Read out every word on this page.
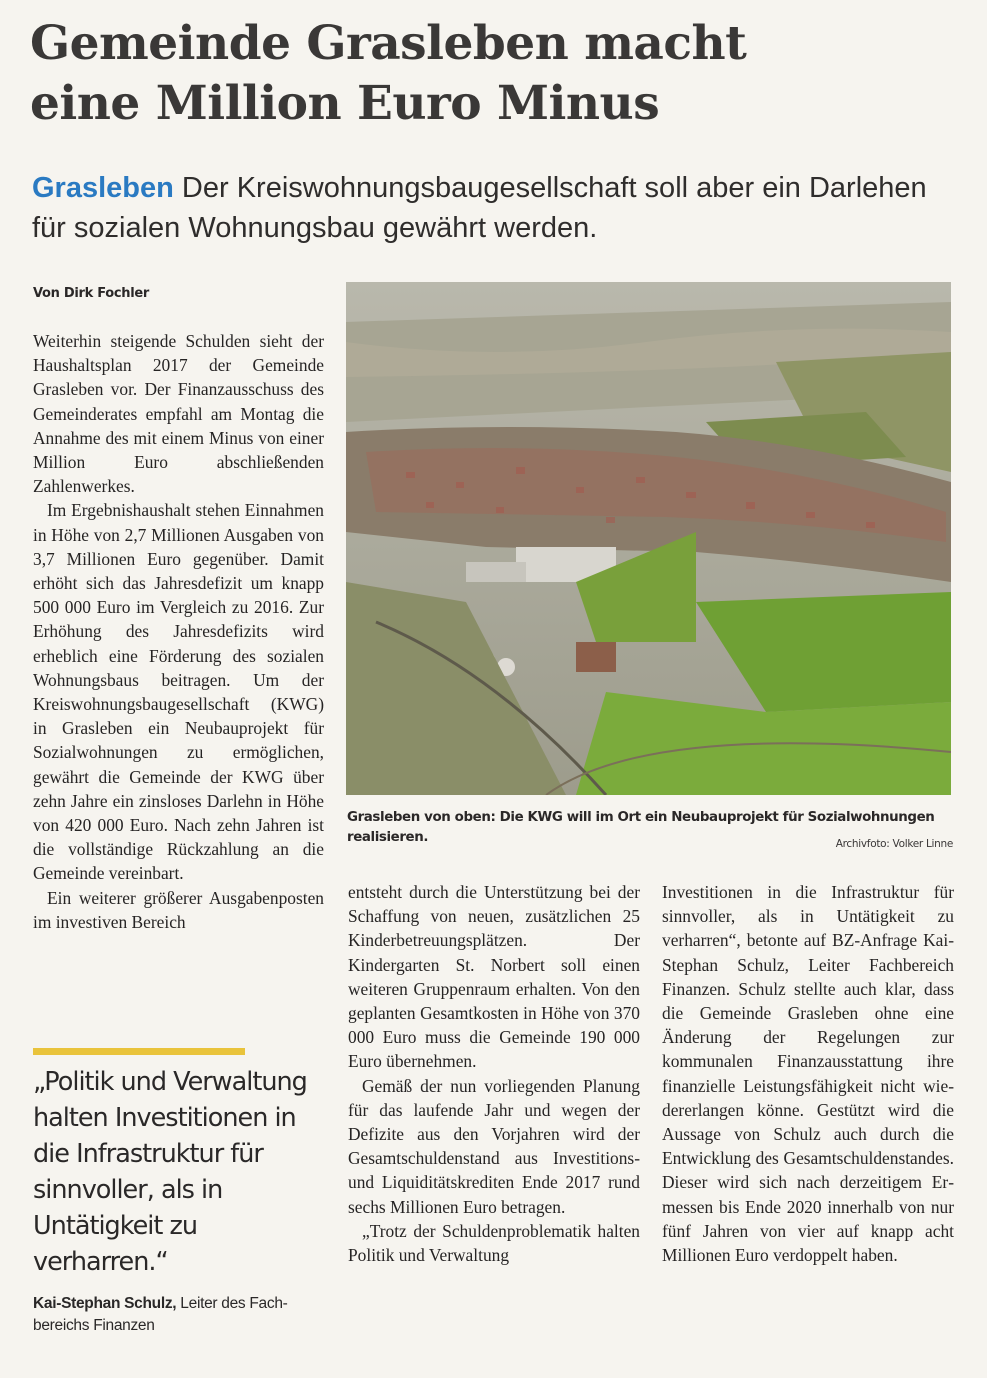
Gemeinde Grasleben macht
eine Million Euro Minus

Grasleben Der Kreiswohnungsbaugesellschaft soll aber ein Darlehen für sozialen Wohnungsbau gewährt werden.

Von Dirk Fochler

Weiterhin steigende Schulden sieht der Haushaltsplan 2017 der Gemeinde Grasleben vor. Der Finanzausschuss des Gemeinderates empfahl am Montag die Annahme des mit einem Minus von einer Million Euro abschließenden Zahlenwerkes.

Im Ergebnishaushalt stehen Einnahmen in Höhe von 2,7 Millionen Ausgaben von 3,7 Millionen Euro gegenüber. Damit erhöht sich das Jahresdefizit um knapp 500 000 Euro im Vergleich zu 2016. Zur Erhöhung des Jahresdefizits wird erheblich eine Förderung des sozialen Wohnungsbaus beitragen. Um der Kreiswohnungsbaugesellschaft (KWG) in Grasleben ein Neubauprojekt für Sozialwohnungen zu ermöglichen, gewährt die Gemeinde der KWG über zehn Jahre ein zinsloses Darlehn in Höhe von 420 000 Euro. Nach zehn Jahren ist die vollständige Rückzahlung an die Gemeinde vereinbart.

Ein weiterer größerer Ausgabenposten im investiven Bereich

Grasleben von oben: Die KWG will im Ort ein Neubauprojekt für Sozialwohnungen realisieren.	Archivfoto: Volker Linne

entsteht durch die Unterstützung bei der Schaffung von neuen, zusätzlichen 25 Kinderbetreuungsplätzen. Der Kindergarten St. Norbert soll einen weiteren Gruppenraum erhalten. Von den geplanten Gesamtkosten in Höhe von 370 000 Euro muss die Gemeinde 190 000 Euro übernehmen.

Gemäß der nun vorliegenden Planung für das laufende Jahr und wegen der Defizite aus den Vorjahren wird der Gesamtschuldenstand aus Investitions- und Liquiditätskrediten Ende 2017 rund sechs Millionen Euro betragen.

„Trotz der Schuldenproblematik halten Politik und Verwaltung

Investitionen in die Infrastruktur für sinnvoller, als in Untätigkeit zu verharren“, betonte auf BZ-Anfrage Kai-Stephan Schulz, Leiter Fachbereich Finanzen. Schulz stellte auch klar, dass die Gemeinde Grasleben ohne eine Änderung der Regelungen zur kommunalen Finanzausstattung ihre finanzielle Leistungsfähigkeit nicht wiedererlangen könne. Gestützt wird die Aussage von Schulz auch durch die Entwicklung des Gesamtschuldenstandes. Dieser wird sich nach derzeitigem Ermessen bis Ende 2020 innerhalb von nur fünf Jahren von vier auf knapp acht Millionen Euro verdoppelt haben.

„Politik und Verwaltung halten Investitionen in die Infrastruktur für sinnvoller, als in Untätigkeit zu verharren.“
Kai-Stephan Schulz, Leiter des Fachbereichs Finanzen
